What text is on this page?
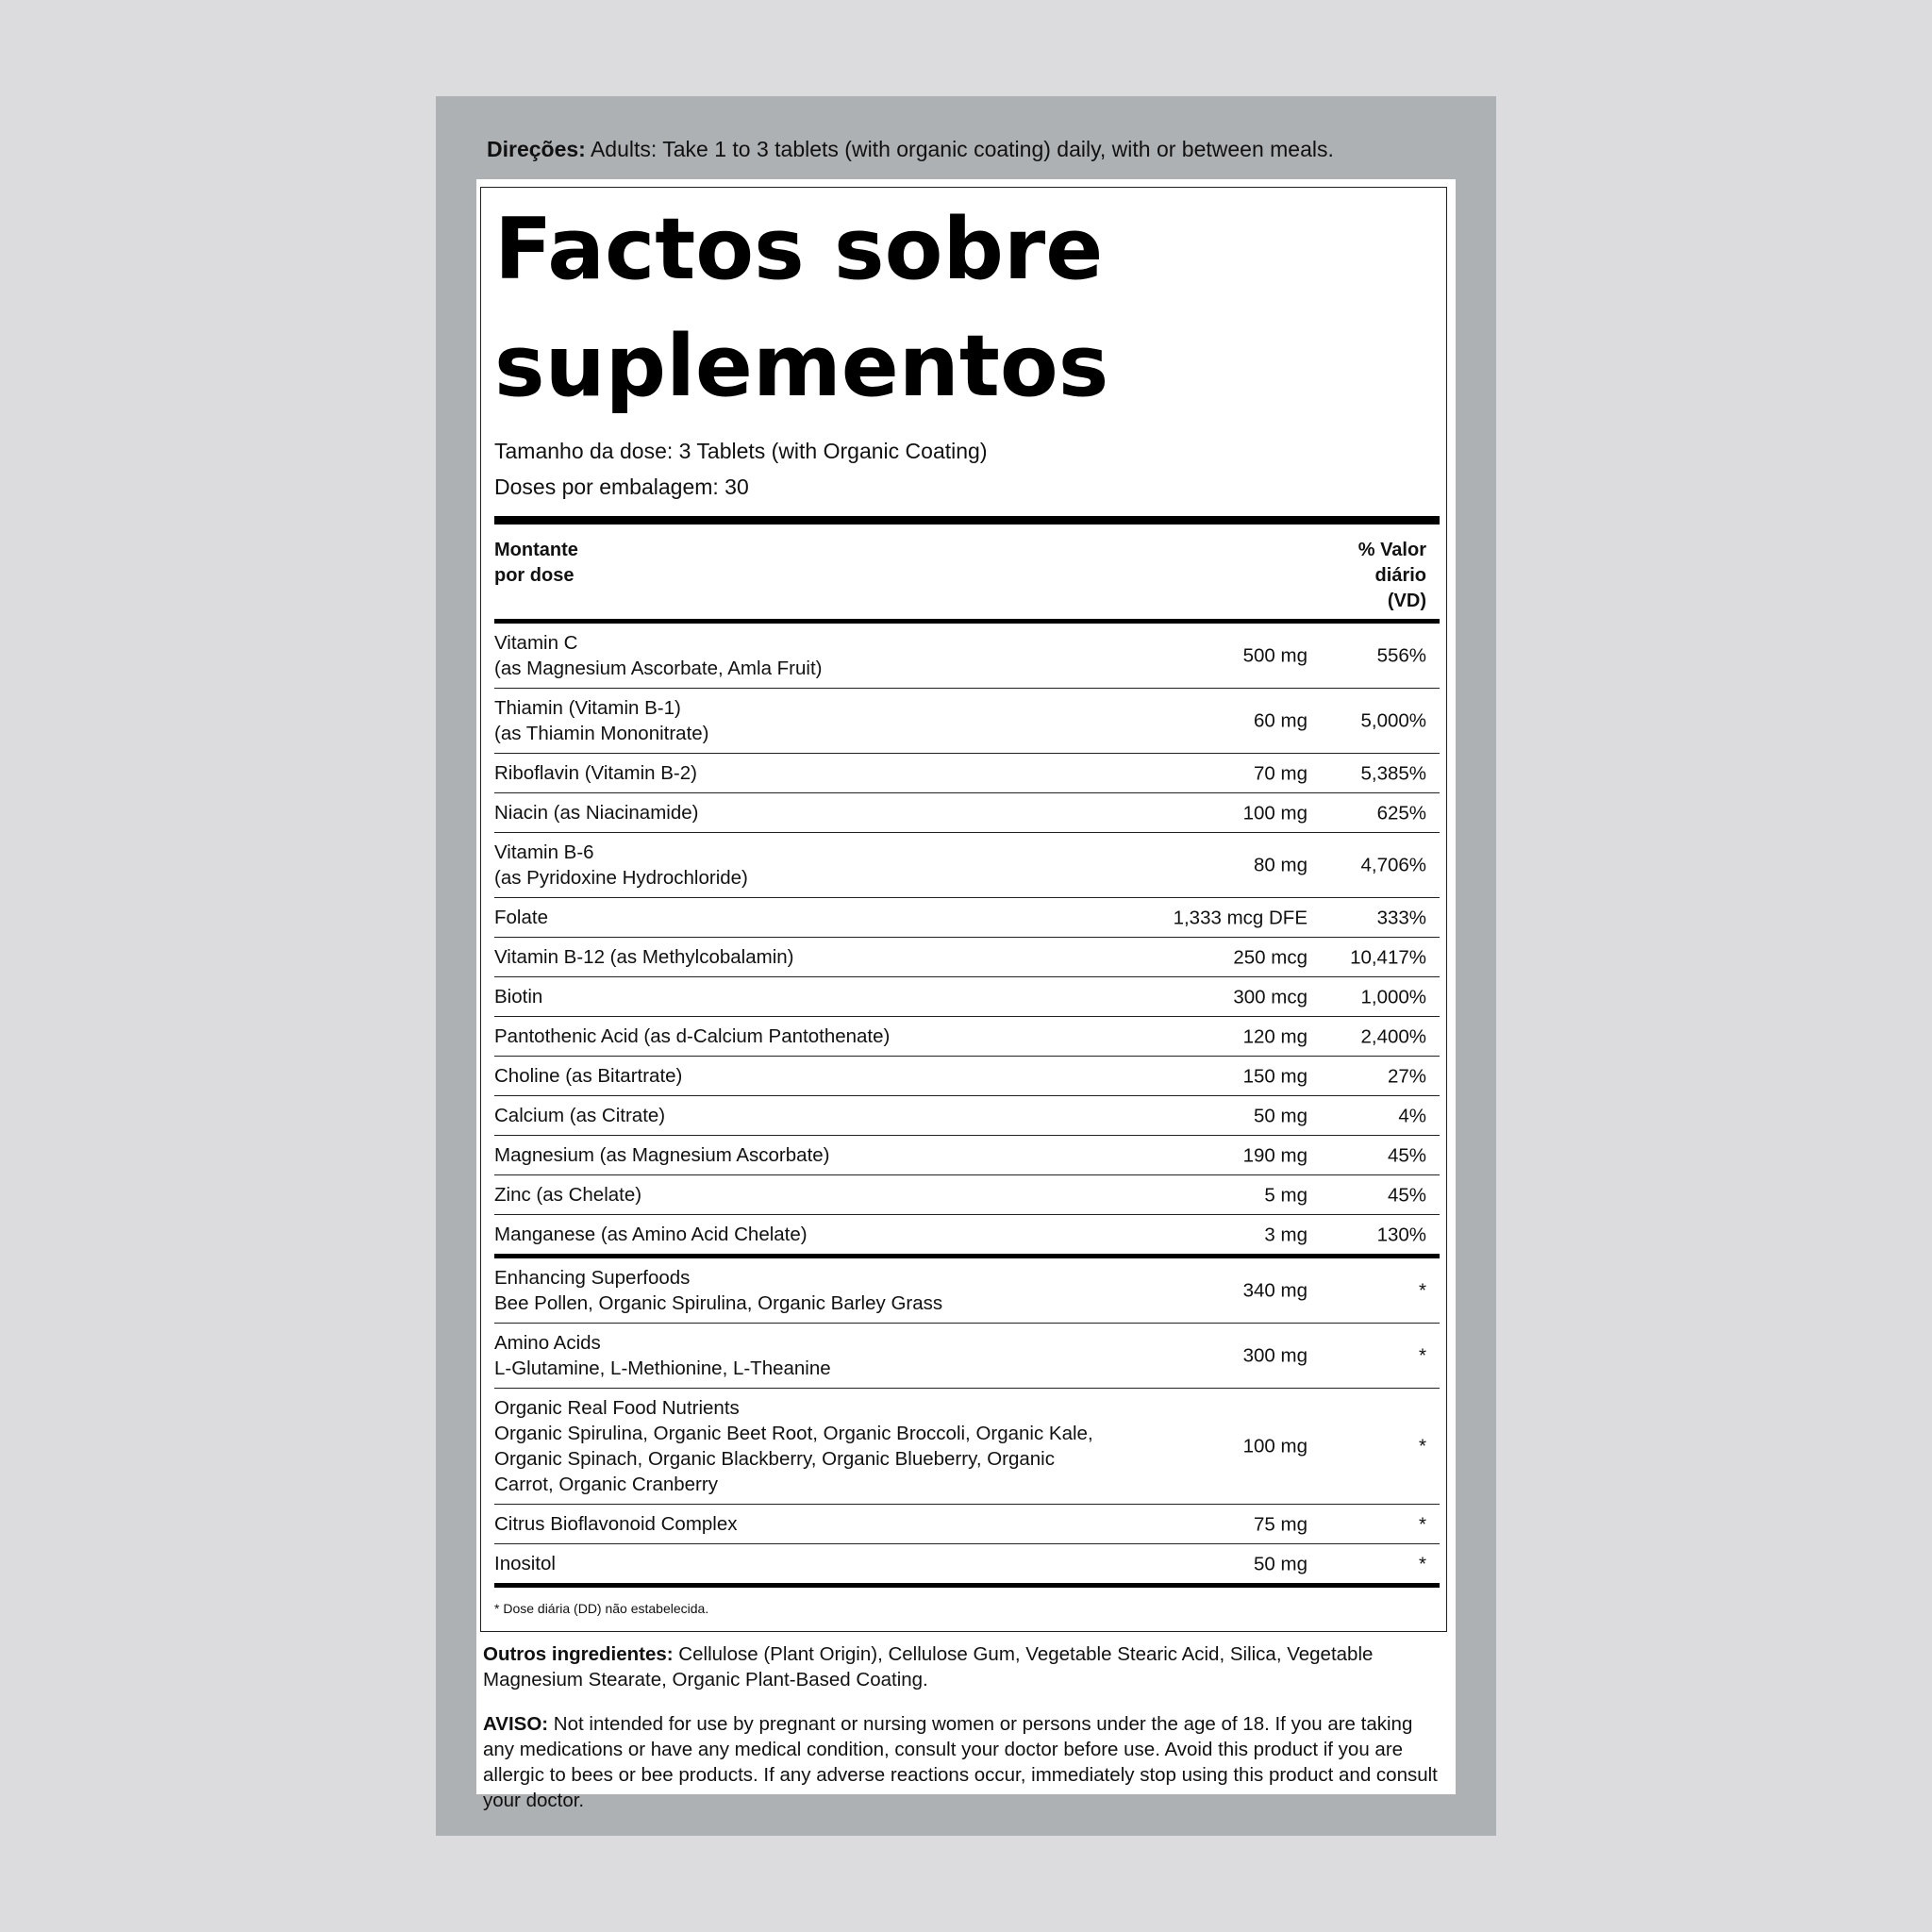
Direções: Adults: Take 1 to 3 tablets (with organic coating) daily, with or between meals.
Factos sobre
suplementos
Tamanho da dose: 3 Tablets (with Organic Coating)
Doses por embalagem: 30
Montante
por dose
% Valor
diário
(VD)
Vitamin C
(as Magnesium Ascorbate, Amla Fruit)
500 mg	556%
Thiamin (Vitamin B-1)
(as Thiamin Mononitrate)
60 mg	5,000%
Riboflavin (Vitamin B-2)	70 mg	5,385%
Niacin (as Niacinamide)	100 mg	625%
Vitamin B-6
(as Pyridoxine Hydrochloride)
80 mg	4,706%
Folate	1,333 mcg DFE	333%
Vitamin B-12 (as Methylcobalamin)	250 mcg 10,417%
Biotin	300 mcg	1,000%
Pantothenic Acid (as d-Calcium Pantothenate)	120 mg	2,400%
Choline (as Bitartrate)	150 mg	27%
Calcium (as Citrate)	50 mg	4%
Magnesium (as Magnesium Ascorbate)	190 mg	45%
Zinc (as Chelate)	5 mg	45%
Manganese (as Amino Acid Chelate)	3 mg	130%
Enhancing Superfoods
Bee Pollen, Organic Spirulina, Organic Barley Grass
340 mg	*
Amino Acids
L-Glutamine, L-Methionine, L-Theanine
300 mg	*
Organic Real Food Nutrients
Organic Spirulina, Organic Beet Root, Organic Broccoli, Organic Kale, Organic Spinach, Organic Blackberry, Organic Blueberry, Organic Carrot, Organic Cranberry
100 mg	*
Citrus Bioflavonoid Complex	75 mg	*
Inositol	50 mg	*
* Dose diária (DD) não estabelecida.
Outros ingredientes: Cellulose (Plant Origin), Cellulose Gum, Vegetable Stearic Acid, Silica, Vegetable Magnesium Stearate, Organic Plant-Based Coating.
AVISO: Not intended for use by pregnant or nursing women or persons under the age of 18. If you are taking any medications or have any medical condition, consult your doctor before use. Avoid this product if you are allergic to bees or bee products. If any adverse reactions occur, immediately stop using this product and consult your doctor.
